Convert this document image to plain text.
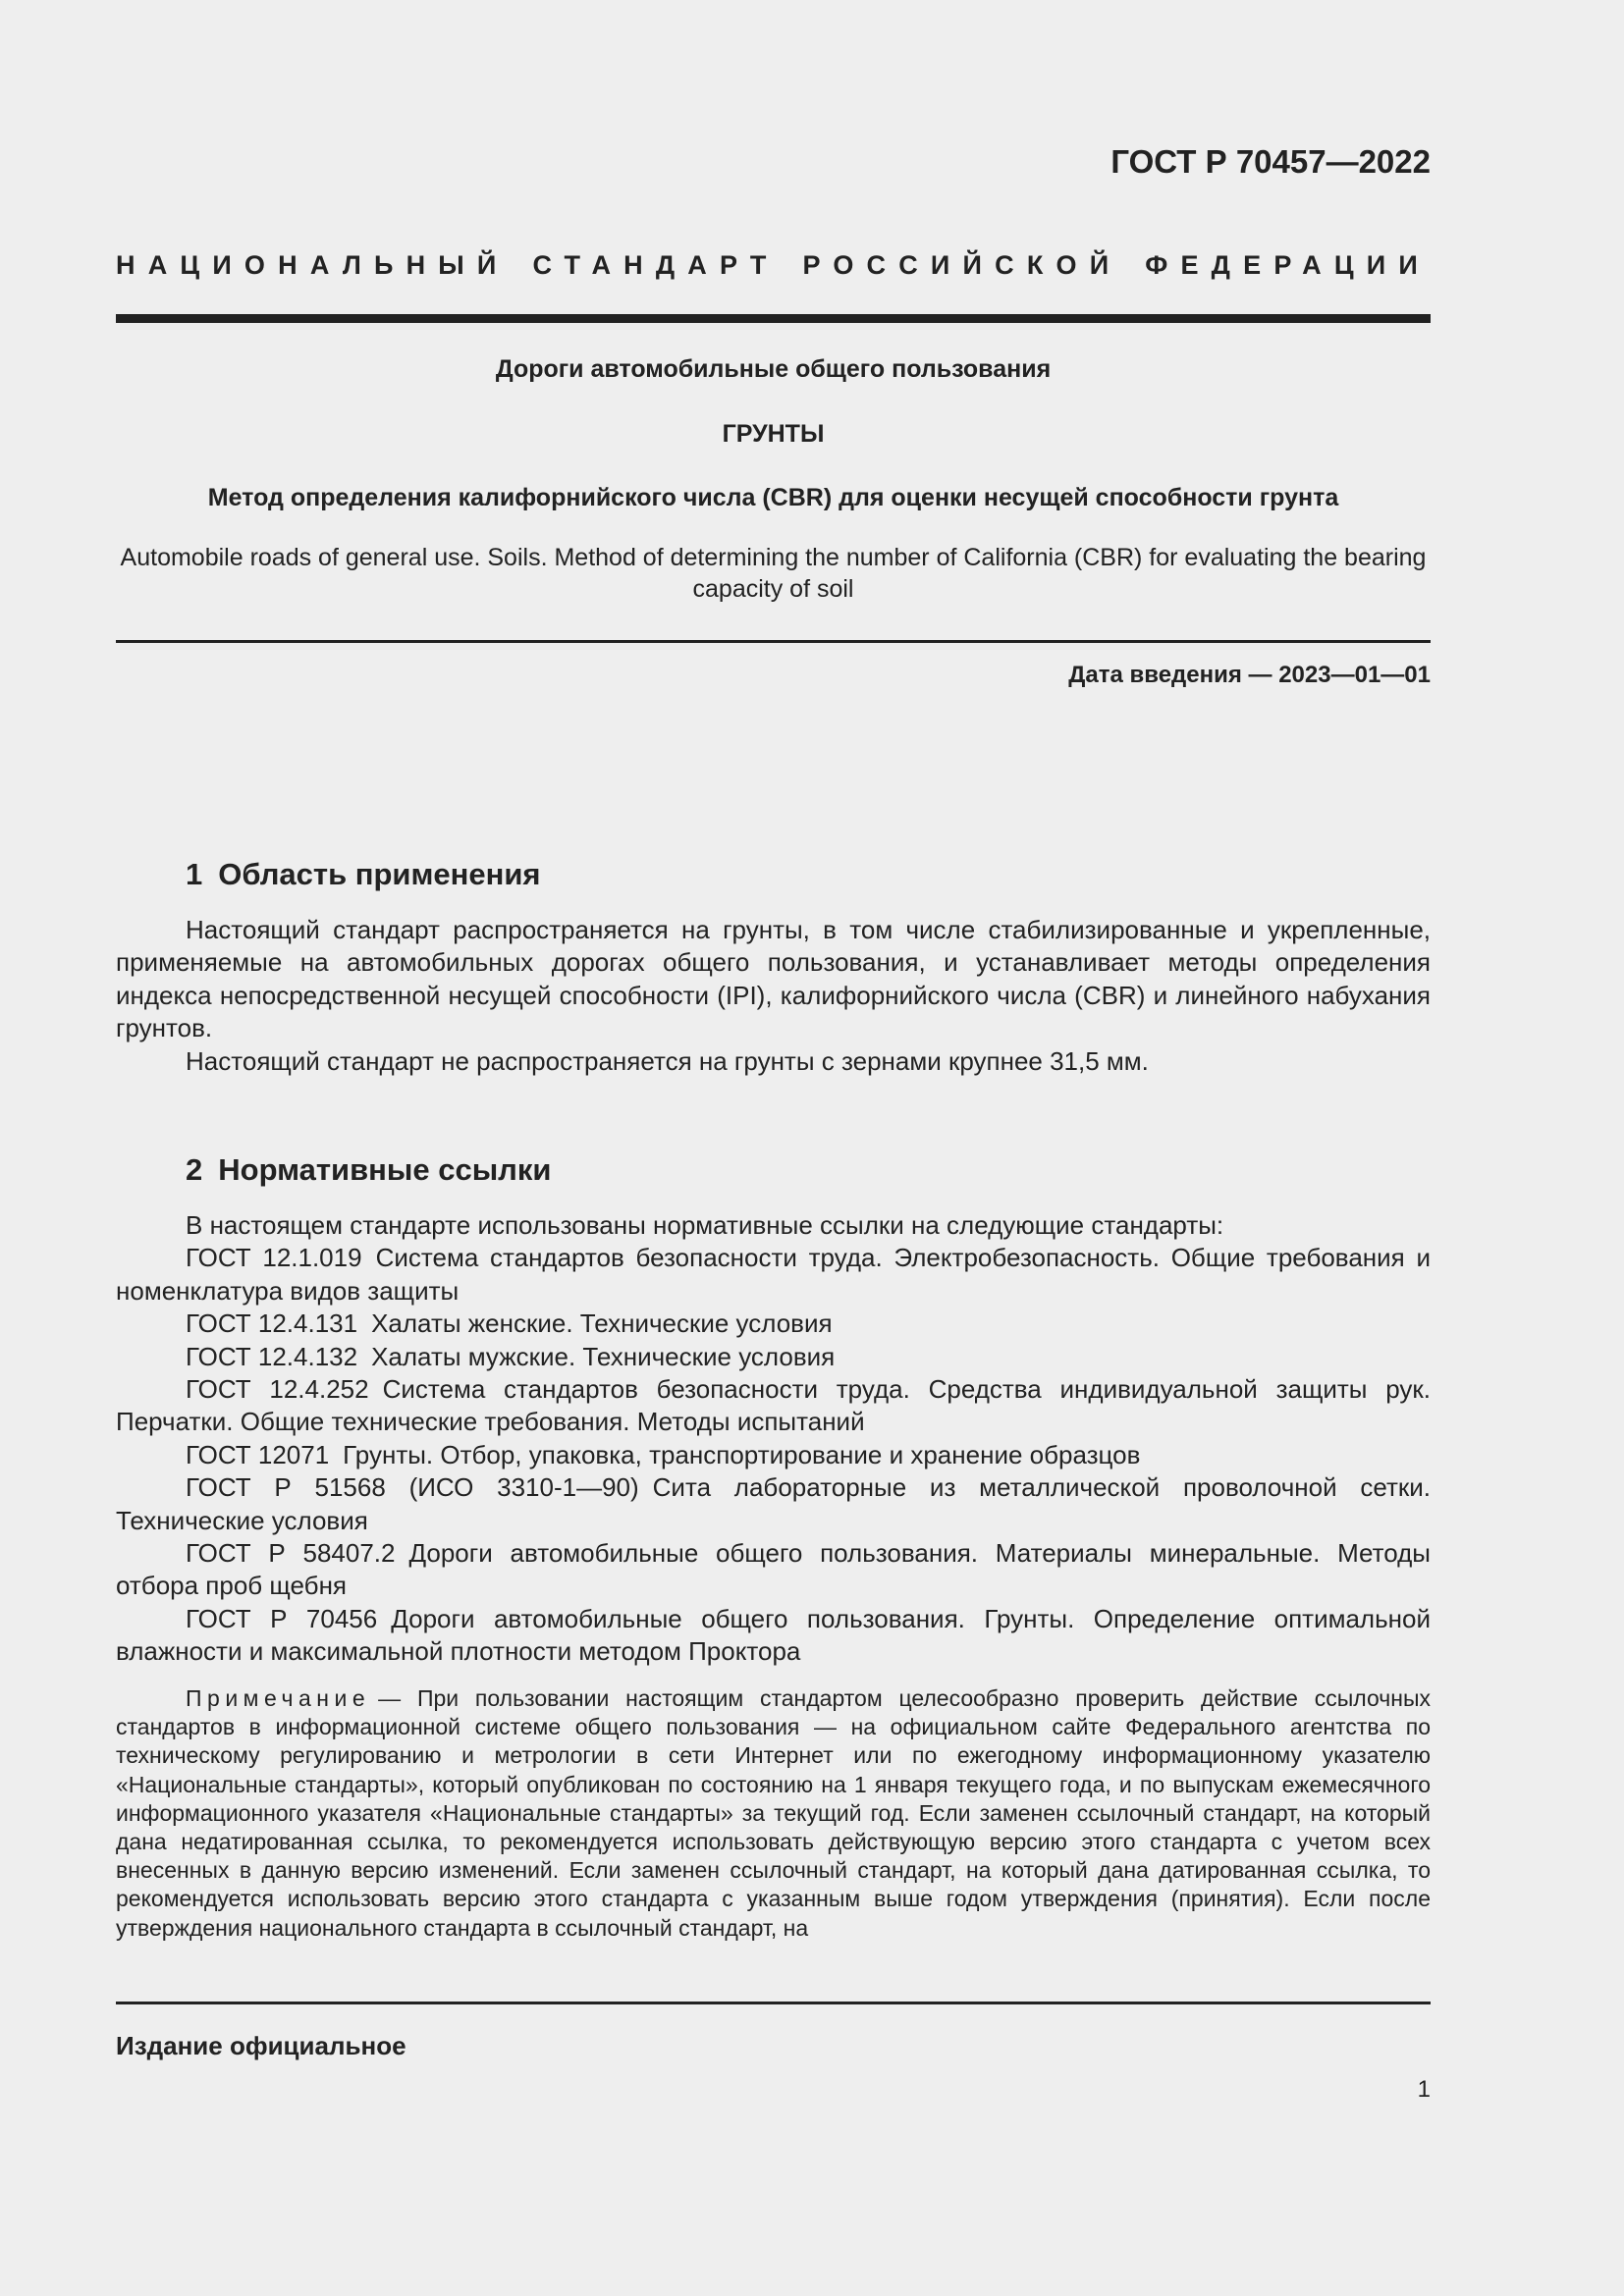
ГОСТ Р 70457—2022
НАЦИОНАЛЬНЫЙ СТАНДАРТ РОССИЙСКОЙ ФЕДЕРАЦИИ
Дороги автомобильные общего пользования
ГРУНТЫ
Метод определения калифорнийского числа (CBR) для оценки несущей способности грунта
Automobile roads of general use. Soils. Method of determining the number of California (CBR) for evaluating the bearing capacity of soil
Дата введения — 2023—01—01
1 Область применения

Настоящий стандарт распространяется на грунты, в том числе стабилизированные и укрепленные, применяемые на автомобильных дорогах общего пользования, и устанавливает методы определения индекса непосредственной несущей способности (IPI), калифорнийского числа (CBR) и линейного набухания грунтов.

Настоящий стандарт не распространяется на грунты с зернами крупнее 31,5 мм.

2 Нормативные ссылки

В настоящем стандарте использованы нормативные ссылки на следующие стандарты:

ГОСТ 12.1.019 Система стандартов безопасности труда. Электробезопасность. Общие требования и номенклатура видов защиты

ГОСТ 12.4.131 Халаты женские. Технические условия

ГОСТ 12.4.132 Халаты мужские. Технические условия

ГОСТ 12.4.252 Система стандартов безопасности труда. Средства индивидуальной защиты рук. Перчатки. Общие технические требования. Методы испытаний

ГОСТ 12071 Грунты. Отбор, упаковка, транспортирование и хранение образцов

ГОСТ Р 51568 (ИСО 3310-1—90) Сита лабораторные из металлической проволочной сетки. Технические условия

ГОСТ Р 58407.2 Дороги автомобильные общего пользования. Материалы минеральные. Методы отбора проб щебня

ГОСТ Р 70456 Дороги автомобильные общего пользования. Грунты. Определение оптимальной влажности и максимальной плотности методом Проктора

Примечание — При пользовании настоящим стандартом целесообразно проверить действие ссылочных стандартов в информационной системе общего пользования — на официальном сайте Федерального агентства по техническому регулированию и метрологии в сети Интернет или по ежегодному информационному указателю «Национальные стандарты», который опубликован по состоянию на 1 января текущего года, и по выпускам ежемесячного информационного указателя «Национальные стандарты» за текущий год. Если заменен ссылочный стандарт, на который дана недатированная ссылка, то рекомендуется использовать действующую версию этого стандарта с учетом всех внесенных в данную версию изменений. Если заменен ссылочный стандарт, на который дана датированная ссылка, то рекомендуется использовать версию этого стандарта с указанным выше годом утверждения (принятия). Если после утверждения национального стандарта в ссылочный стандарт, на

Издание официальное
1
